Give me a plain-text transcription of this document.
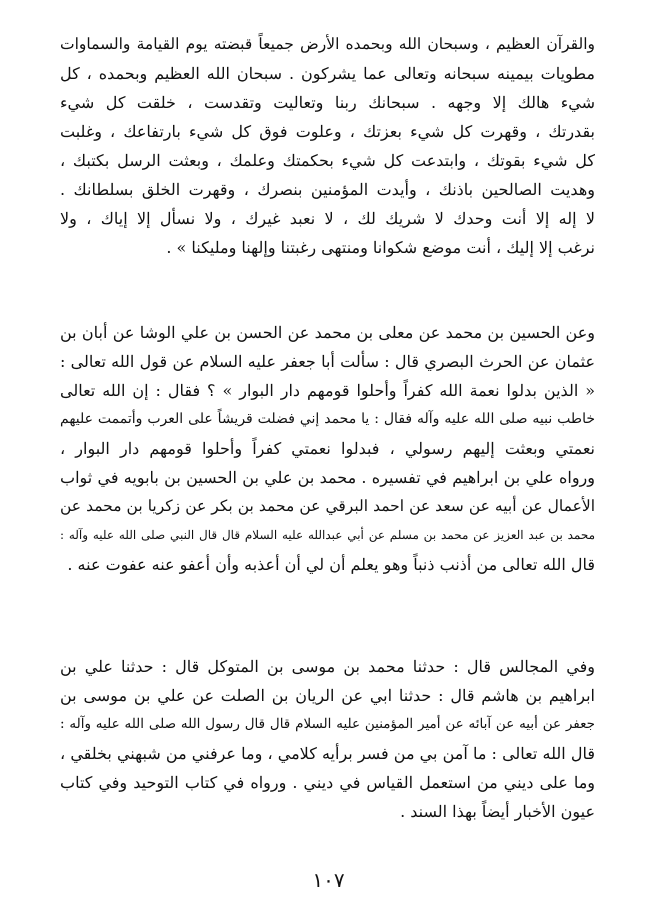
والقرآن العظيم ، وسبحان الله وبحمده الأرض جميعاً قبضته يوم القيامة والسماوات
مطويات بيمينه سبحانه وتعالى عما يشركون . سبحان الله العظيم وبحمده ، كل
شيء هالك إلا وجهه . سبحانك ربنا وتعاليت وتقدست ، خلقت كل شيء
بقدرتك ، وقهرت كل شيء بعزتك ، وعلوت فوق كل شيء بارتفاعك ، وغلبت
كل شيء بقوتك ، وابتدعت كل شيء بحكمتك وعلمك ، وبعثت الرسل بكتبك ،
وهديت الصالحين باذنك ، وأيدت المؤمنين بنصرك ، وقهرت الخلق بسلطانك .
لا إله إلا أنت وحدك لا شريك لك ، لا نعبد غيرك ، ولا نسأل إلا إياك ، ولا
نرغب إلا إليك ، أنت موضع شكوانا ومنتهى رغبتنا وإلهنا ومليكنا » .
وعن الحسين بن محمد عن معلى بن محمد عن الحسن بن علي الوشا عن أبان بن
عثمان عن الحرث البصري قال : سألت أبا جعفر عليه السلام عن قول الله تعالى :
« الذين بدلوا نعمة الله كفراً وأحلوا قومهم دار البوار » ؟ فقال : إن الله تعالى
خاطب نبيه صلى الله عليه وآله فقال : يا محمد إني فضلت قريشاً على العرب وأتممت عليهم
نعمتي وبعثت إليهم رسولي ، فبدلوا نعمتي كفراً وأحلوا قومهم دار البوار ،
ورواه علي بن ابراهيم في تفسيره . محمد بن علي بن الحسين بن بابويه في ثواب
الأعمال عن أبيه عن سعد عن احمد البرقي عن محمد بن بكر عن زكريا بن محمد عن
محمد بن عبد العزيز عن محمد بن مسلم عن أبي عبدالله عليه السلام قال قال النبي صلى الله عليه وآله :
قال الله تعالى من أذنب ذنباً وهو يعلم أن لي أن أعذبه وأن أعفو عنه عفوت عنه .
وفي المجالس قال : حدثنا محمد بن موسى بن المتوكل قال : حدثنا علي بن
ابراهيم بن هاشم قال : حدثنا ابي عن الريان بن الصلت عن علي بن موسى بن
جعفر عن أبيه عن آبائه عن أمير المؤمنين عليه السلام قال قال رسول الله صلى الله عليه وآله :
قال الله تعالى : ما آمن بي من فسر برأيه كلامي ، وما عرفني من شبهني بخلقي ،
وما على ديني من استعمل القياس في ديني . ورواه في كتاب التوحيد وفي كتاب
عيون الأخبار أيضاً بهذا السند .
١٠٧
